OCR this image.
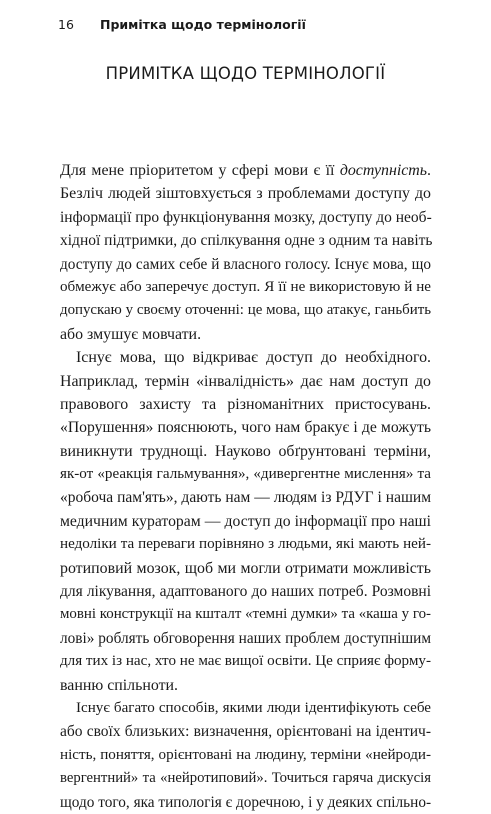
16 Примітка щодо термінології
ПРИМІТКА ЩОДО ТЕРМІНОЛОГІЇ
Для мене пріоритетом у сфері мови є її доступність.
Безліч людей зіштовхується з проблемами доступу до
інформації про функціонування мозку, доступу до необ-
хідної підтримки, до спілкування одне з одним та навіть
доступу до самих себе й власного голосу. Існує мова, що
обмежує або заперечує доступ. Я її не використовую й не
допускаю у своєму оточенні: це мова, що атакує, ганьбить
або змушує мовчати.
Існує мова, що відкриває доступ до необхідного.
Наприклад, термін «інвалідність» дає нам доступ до
правового захисту та різноманітних пристосувань.
«Порушення» пояснюють, чого нам бракує і де можуть
виникнути труднощі. Науково обґрунтовані терміни,
як-от «реакція гальмування», «дивергентне мислення» та
«робоча пам'ять», дають нам — людям із РДУГ і нашим
медичним кураторам — доступ до інформації про наші
недоліки та переваги порівняно з людьми, які мають ней-
ротиповий мозок, щоб ми могли отримати можливість
для лікування, адаптованого до наших потреб. Розмовні
мовні конструкції на кшталт «темні думки» та «каша у го-
лові» роблять обговорення наших проблем доступнішим
для тих із нас, хто не має вищої освіти. Це сприяє форму-
ванню спільноти.
Існує багато способів, якими люди ідентифікують себе
або своїх близьких: визначення, орієнтовані на ідентич-
ність, поняття, орієнтовані на людину, терміни «нейроди-
вергентний» та «нейротиповий». Точиться гаряча дискусія
щодо того, яка типологія є доречною, і у деяких спільно-
